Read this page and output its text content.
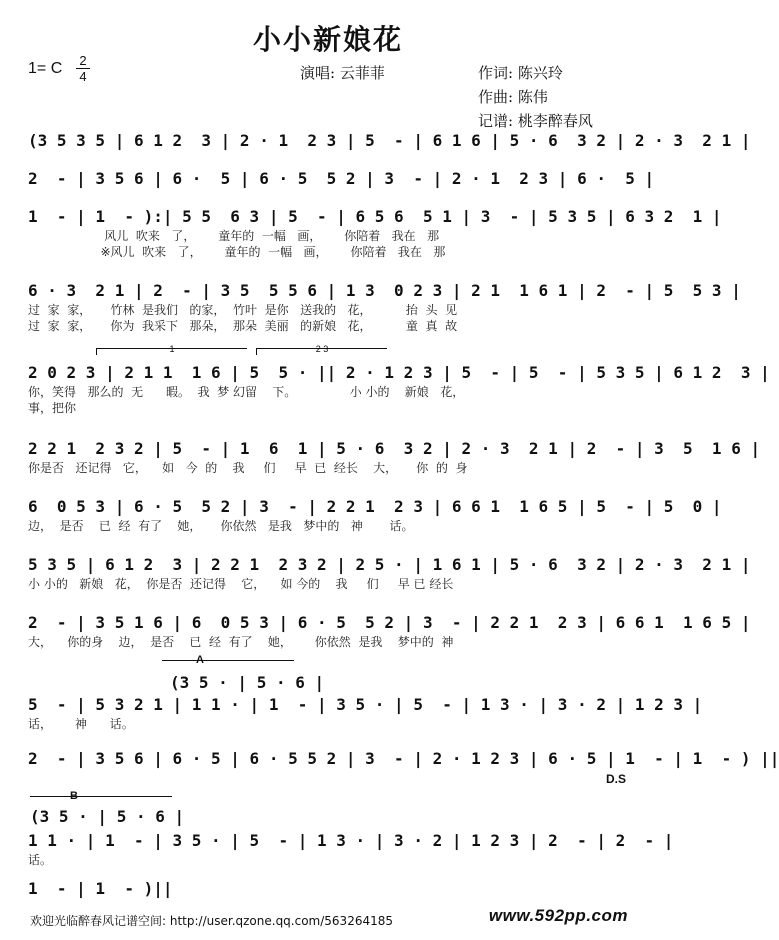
小小新娘花
1= C 2
4	演唱: 云菲菲	作词: 陈兴玲
作曲: 陈伟
记谱: 桃李醉春风
(3 5 3 5 | 6 1 2  3 | 2 · 1  2 3 | 5  - | 6 1 6 | 5 · 6  3 2 | 2 · 3  2 1 |
2  - | 3 5 6 | 6 ·  5 | 6 · 5  5 2 | 3  - | 2 · 1  2 3 | 6 ·  5 |
1  - | 1  - ):| 5 5  6 3 | 5  - | 6 5 6  5 1 | 3  - | 5 3 5 | 6 3 2  1 |
风儿  吹来   了，      童年的  一幅   画，      你陪着   我在   那
※风儿  吹来   了，      童年的  一幅   画，      你陪着   我在   那
6 · 3  2 1 | 2  - | 3 5  5 5 6 | 1 3  0 2 3 | 2 1  1 6 1 | 2  - | 5  5 3 |
过  家  家，     竹林  是我们   的家，  竹叶  是你   送我的   花，         抬  头  见
过  家  家，     你为  我采下   那朵，  那朵  美丽   的新娘   花，         童  真  故
1	2 3
2 0 2 3 | 2 1 1  1 6 | 5  5 · || 2 · 1 2 3 | 5  - | 5  - | 5 3 5 | 6 1 2  3 |
你，笑得   那么的  无      暇。  我  梦 幻留    下。              小 小的    新娘   花，
事，把你
2 2 1  2 3 2 | 5  - | 1  6  1 | 5 · 6  3 2 | 2 · 3  2 1 | 2  - | 3  5  1 6 |
你是否   还记得   它，    如   今  的    我     们     早  已  经长    大，     你  的  身
6  0 5 3 | 6 · 5  5 2 | 3  - | 2 2 1  2 3 | 6 6 1  1 6 5 | 5  - | 5  0 |
边，  是否    已  经  有了    她，     你依然   是我   梦中的   神       话。
5 3 5 | 6 1 2  3 | 2 2 1  2 3 2 | 2 5 · | 1 6 1 | 5 · 6  3 2 | 2 · 3  2 1 |
小 小的   新娘   花，  你是否  还记得    它，    如 今的    我     们     早 已 经长
2  - | 3 5 1 6 | 6  0 5 3 | 6 · 5  5 2 | 3  - | 2 2 1  2 3 | 6 6 1  1 6 5 |
大，    你的身    边，  是否    已  经  有了    她，      你依然  是我    梦中的  神
A
(3 5 · | 5 · 6 |
5  - | 5 3 2 1 | 1 1 · | 1  - | 3 5 · | 5  - | 1 3 · | 3 · 2 | 1 2 3 |
话，      神      话。
2  - | 3 5 6 | 6 · 5 | 6 · 5 5 2 | 3  - | 2 · 1 2 3 | 6 · 5 | 1  - | 1  - ) ||
D.S
B
(3 5 · | 5 · 6 |
1 1 · | 1  - | 3 5 · | 5  - | 1 3 · | 3 · 2 | 1 2 3 | 2  - | 2  - |
话。
1  - | 1  - )||
欢迎光临醉春风记谱空间: http://user.qzone.qq.com/563264185	www.592pp.com
